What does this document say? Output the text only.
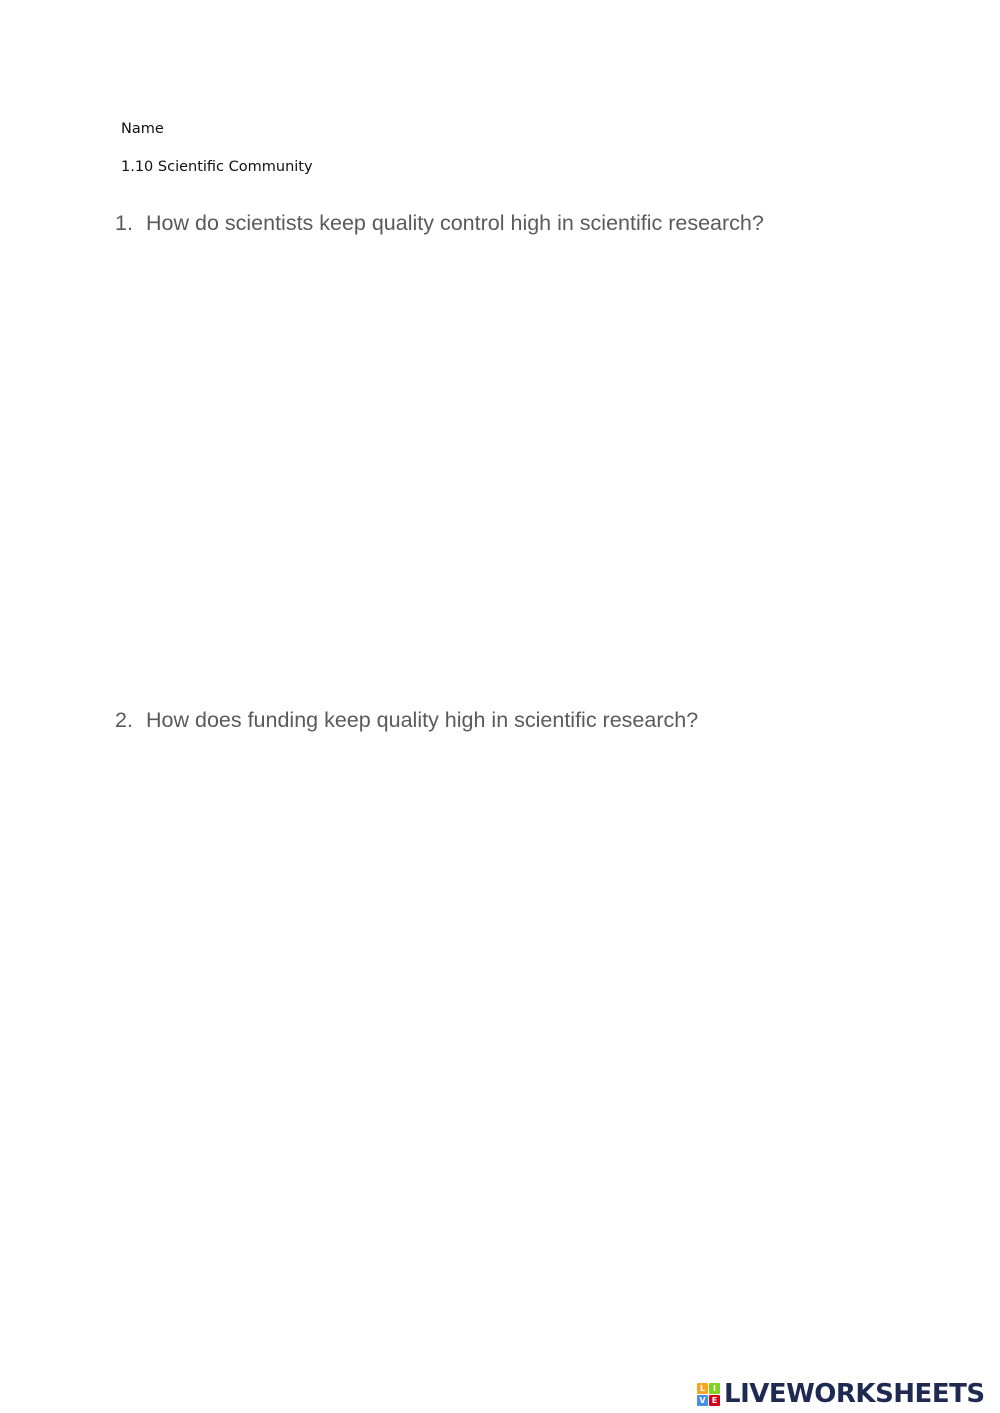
Name
1.10 Scientific Community
1. How do scientists keep quality control high in scientific research?
2. How does funding keep quality high in scientific research?
L I
V E LIVEWORKSHEETS
